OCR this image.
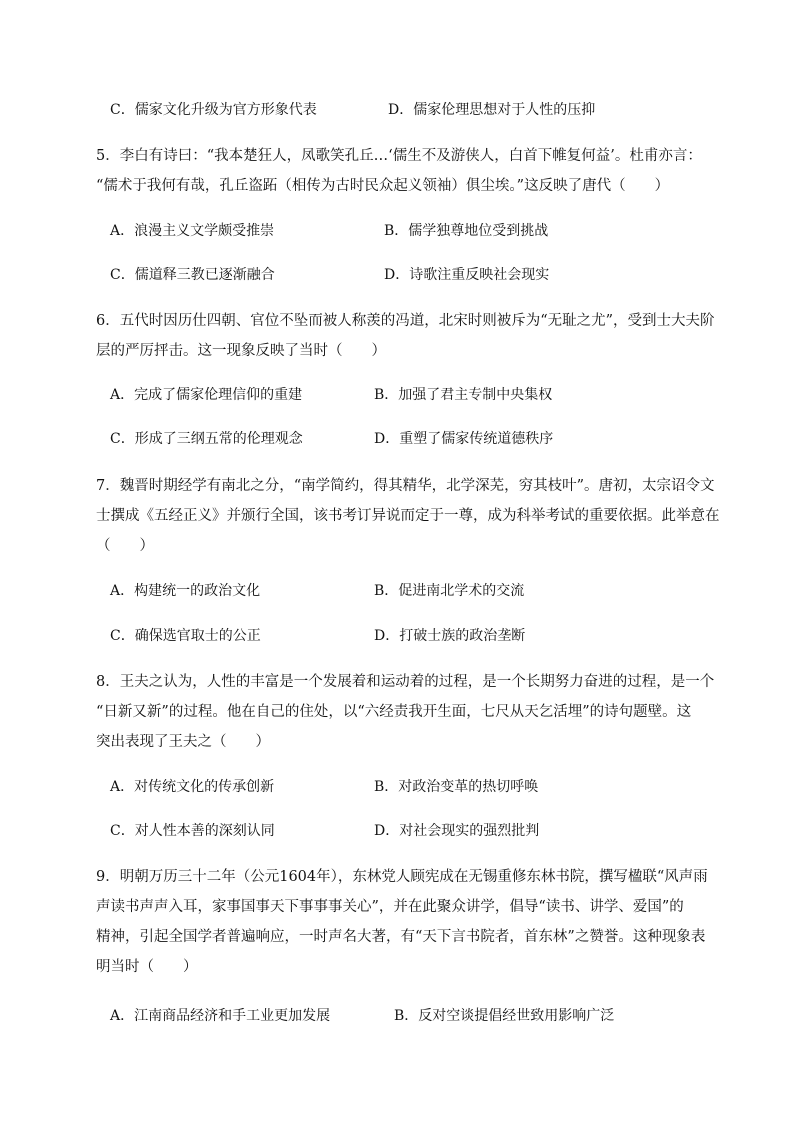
C．儒家文化升级为官方形象代表	D．儒家伦理思想对于人性的压抑
5．李白有诗曰：“我本楚狂人，凤歌笑孔丘…‘儒生不及游侠人，白首下帷复何益’。杜甫亦言：
“儒术于我何有哉，孔丘盗跖（相传为古时民众起义领袖）俱尘埃。”这反映了唐代（　　）
A．浪漫主义文学颇受推崇	B．儒学独尊地位受到挑战
C．儒道释三教已逐渐融合	D．诗歌注重反映社会现实
6．五代时因历仕四朝、官位不坠而被人称羡的冯道，北宋时则被斥为“无耻之尤”，受到士大夫阶
层的严厉抨击。这一现象反映了当时（　　）
A．完成了儒家伦理信仰的重建	B．加强了君主专制中央集权
C．形成了三纲五常的伦理观念	D．重塑了儒家传统道德秩序
7．魏晋时期经学有南北之分，“南学简约，得其精华，北学深芜，穷其枝叶”。唐初，太宗诏令文
士撰成《五经正义》并颁行全国，该书考订异说而定于一尊，成为科举考试的重要依据。此举意在
（　　）
A．构建统一的政治文化	B．促进南北学术的交流
C．确保选官取士的公正	D．打破士族的政治垄断
8．王夫之认为，人性的丰富是一个发展着和运动着的过程，是一个长期努力奋进的过程，是一个
“日新又新”的过程。他在自己的住处，以“六经责我开生面，七尺从天乞活埋”的诗句题壁。这
突出表现了王夫之（　　）
A．对传统文化的传承创新	B．对政治变革的热切呼唤
C．对人性本善的深刻认同	D．对社会现实的强烈批判
9．明朝万历三十二年（公元1604年），东林党人顾宪成在无锡重修东林书院，撰写楹联“风声雨
声读书声声入耳，家事国事天下事事事关心”，并在此聚众讲学，倡导“读书、讲学、爱国”的
精神，引起全国学者普遍响应，一时声名大著，有“天下言书院者，首东林”之赞誉。这种现象表
明当时（　　）
A．江南商品经济和手工业更加发展	B．反对空谈提倡经世致用影响广泛
